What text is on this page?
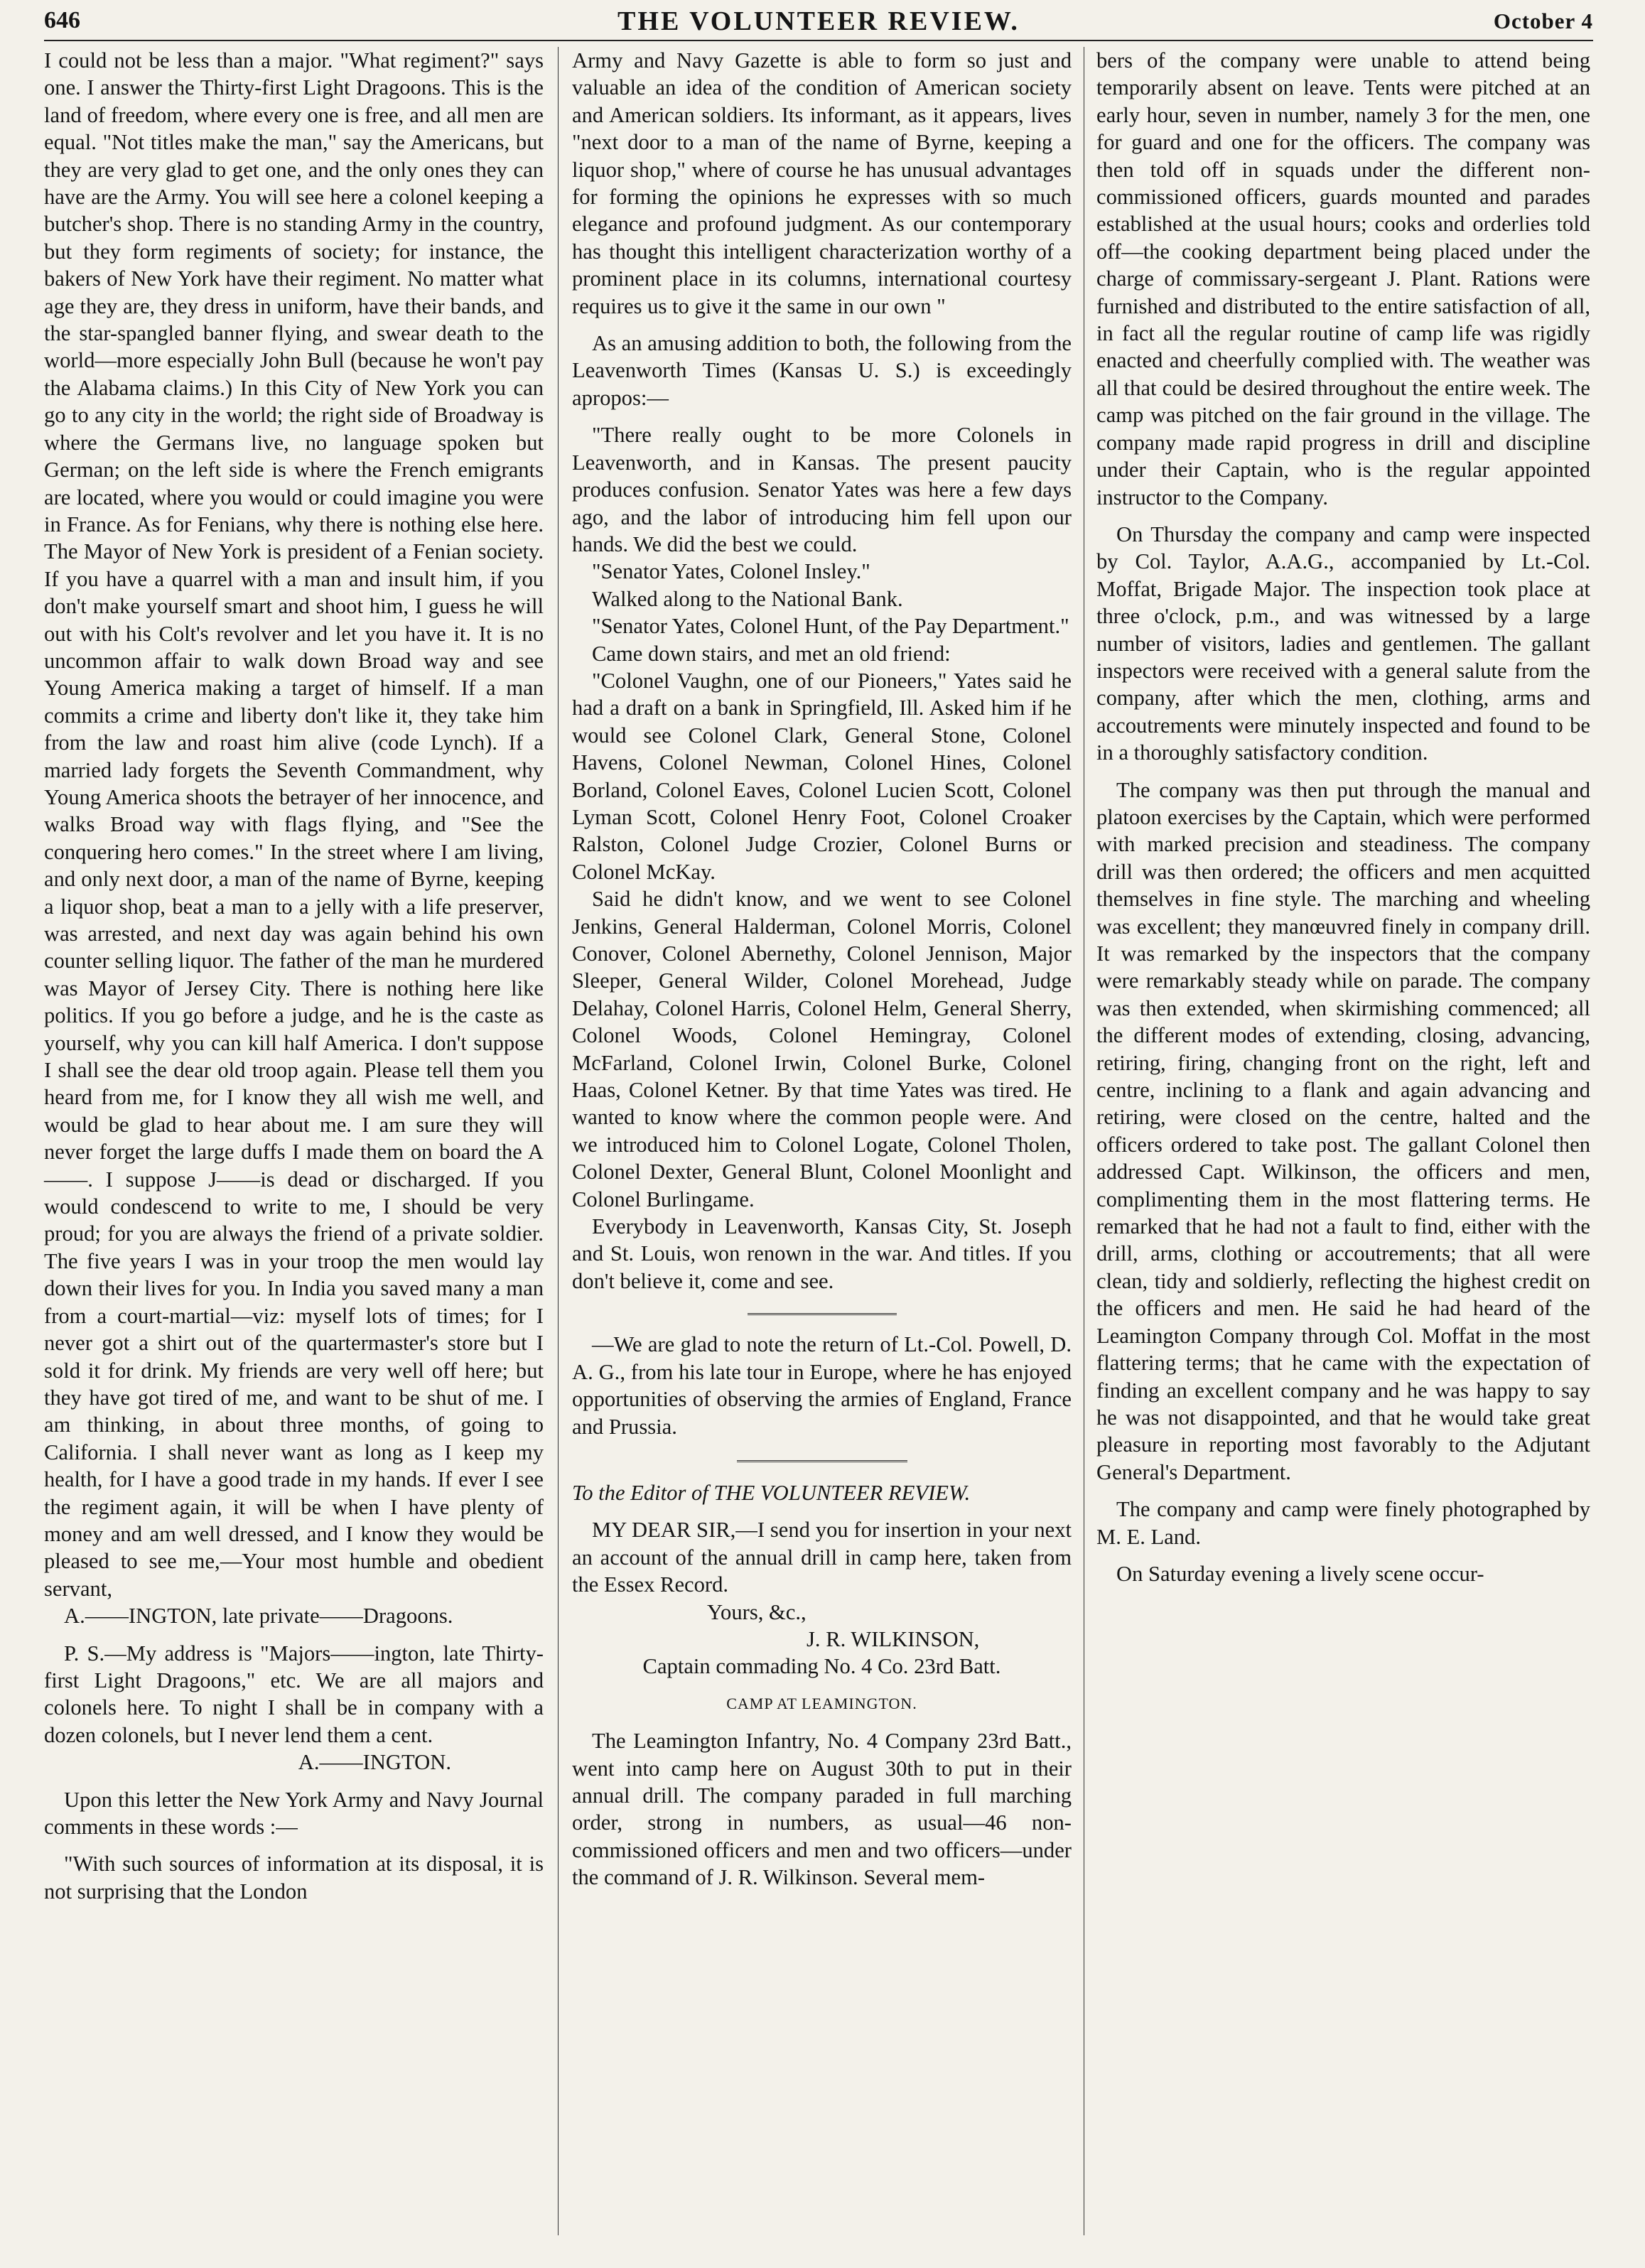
646	THE VOLUNTEER REVIEW.	October 4

I could not be less than a major. "What regiment?" says one. I answer the Thirty-first Light Dragoons. This is the land of freedom, where every one is free, and all men are equal. "Not titles make the man," say the Americans, but they are very glad to get one, and the only ones they can have are the Army. You will see here a colonel keeping a butcher's shop. There is no standing Army in the country, but they form regiments of society; for instance, the bakers of New York have their regiment. No matter what age they are, they dress in uniform, have their bands, and the star-spangled banner flying, and swear death to the world—more especially John Bull (because he won't pay the Alabama claims.) In this City of New York you can go to any city in the world; the right side of Broadway is where the Germans live, no language spoken but German; on the left side is where the French emigrants are located, where you would or could imagine you were in France. As for Fenians, why there is nothing else here. The Mayor of New York is president of a Fenian society. If you have a quarrel with a man and insult him, if you don't make yourself smart and shoot him, I guess he will out with his Colt's revolver and let you have it. It is no uncommon affair to walk down Broad way and see Young America making a target of himself. If a man commits a crime and liberty don't like it, they take him from the law and roast him alive (code Lynch). If a married lady forgets the Seventh Commandment, why Young America shoots the betrayer of her innocence, and walks Broad way with flags flying, and "See the conquering hero comes." In the street where I am living, and only next door, a man of the name of Byrne, keeping a liquor shop, beat a man to a jelly with a life preserver, was arrested, and next day was again behind his own counter selling liquor. The father of the man he murdered was Mayor of Jersey City. There is nothing here like politics. If you go before a judge, and he is the caste as yourself, why you can kill half America. I don't suppose I shall see the dear old troop again. Please tell them you heard from me, for I know they all wish me well, and would be glad to hear about me. I am sure they will never forget the large duffs I made them on board the A——. I suppose J——is dead or discharged. If you would condescend to write to me, I should be very proud; for you are always the friend of a private soldier. The five years I was in your troop the men would lay down their lives for you. In India you saved many a man from a court-martial—viz: myself lots of times; for I never got a shirt out of the quartermaster's store but I sold it for drink. My friends are very well off here; but they have got tired of me, and want to be shut of me. I am thinking, in about three months, of going to California. I shall never want as long as I keep my health, for I have a good trade in my hands. If ever I see the regiment again, it will be when I have plenty of money and am well dressed, and I know they would be pleased to see me,—Your most humble and obedient servant,

A.——INGTON, late private——Dragoons.

P. S.—My address is "Majors——ington, late Thirty-first Light Dragoons," etc. We are all majors and colonels here. To night I shall be in company with a dozen colonels, but I never lend them a cent.

A.——INGTON.

Upon this letter the New York Army and Navy Journal comments in these words :—

"With such sources of information at its disposal, it is not surprising that the London

Army and Navy Gazette is able to form so just and valuable an idea of the condition of American society and American soldiers. Its informant, as it appears, lives "next door to a man of the name of Byrne, keeping a liquor shop," where of course he has unusual advantages for forming the opinions he expresses with so much elegance and profound judgment. As our contemporary has thought this intelligent characterization worthy of a prominent place in its columns, international courtesy requires us to give it the same in our own "

As an amusing addition to both, the following from the Leavenworth Times (Kansas U. S.) is exceedingly apropos:—

"There really ought to be more Colonels in Leavenworth, and in Kansas. The present paucity produces confusion. Senator Yates was here a few days ago, and the labor of introducing him fell upon our hands. We did the best we could.

"Senator Yates, Colonel Insley."

Walked along to the National Bank.

"Senator Yates, Colonel Hunt, of the Pay Department."

Came down stairs, and met an old friend:

"Colonel Vaughn, one of our Pioneers," Yates said he had a draft on a bank in Springfield, Ill. Asked him if he would see Colonel Clark, General Stone, Colonel Havens, Colonel Newman, Colonel Hines, Colonel Borland, Colonel Eaves, Colonel Lucien Scott, Colonel Lyman Scott, Colonel Henry Foot, Colonel Croaker Ralston, Colonel Judge Crozier, Colonel Burns or Colonel McKay.

Said he didn't know, and we went to see Colonel Jenkins, General Halderman, Colonel Morris, Colonel Conover, Colonel Abernethy, Colonel Jennison, Major Sleeper, General Wilder, Colonel Morehead, Judge Delahay, Colonel Harris, Colonel Helm, General Sherry, Colonel Woods, Colonel Hemingray, Colonel McFarland, Colonel Irwin, Colonel Burke, Colonel Haas, Colonel Ketner. By that time Yates was tired. He wanted to know where the common people were. And we introduced him to Colonel Logate, Colonel Tholen, Colonel Dexter, General Blunt, Colonel Moonlight and Colonel Burlingame.

Everybody in Leavenworth, Kansas City, St. Joseph and St. Louis, won renown in the war. And titles. If you don't believe it, come and see.

—We are glad to note the return of Lt.-Col. Powell, D. A. G., from his late tour in Europe, where he has enjoyed opportunities of observing the armies of England, France and Prussia.

To the Editor of THE VOLUNTEER REVIEW.

MY DEAR SIR,—I send you for insertion in your next an account of the annual drill in camp here, taken from the Essex Record.

Yours, &c.,

J. R. WILKINSON,

Captain commading No. 4 Co. 23rd Batt.

CAMP AT LEAMINGTON.

The Leamington Infantry, No. 4 Company 23rd Batt., went into camp here on August 30th to put in their annual drill. The company paraded in full marching order, strong in numbers, as usual—46 non-commissioned officers and men and two officers—under the command of J. R. Wilkinson. Several mem-

bers of the company were unable to attend being temporarily absent on leave. Tents were pitched at an early hour, seven in number, namely 3 for the men, one for guard and one for the officers. The company was then told off in squads under the different non-commissioned officers, guards mounted and parades established at the usual hours; cooks and orderlies told off—the cooking department being placed under the charge of commissary-sergeant J. Plant. Rations were furnished and distributed to the entire satisfaction of all, in fact all the regular routine of camp life was rigidly enacted and cheerfully complied with. The weather was all that could be desired throughout the entire week. The camp was pitched on the fair ground in the village. The company made rapid progress in drill and discipline under their Captain, who is the regular appointed instructor to the Company.

On Thursday the company and camp were inspected by Col. Taylor, A.A.G., accompanied by Lt.-Col. Moffat, Brigade Major. The inspection took place at three o'clock, p.m., and was witnessed by a large number of visitors, ladies and gentlemen. The gallant inspectors were received with a general salute from the company, after which the men, clothing, arms and accoutrements were minutely inspected and found to be in a thoroughly satisfactory condition.

The company was then put through the manual and platoon exercises by the Captain, which were performed with marked precision and steadiness. The company drill was then ordered; the officers and men acquitted themselves in fine style. The marching and wheeling was excellent; they manœuvred finely in company drill. It was remarked by the inspectors that the company were remarkably steady while on parade. The company was then extended, when skirmishing commenced; all the different modes of extending, closing, advancing, retiring, firing, changing front on the right, left and centre, inclining to a flank and again advancing and retiring, were closed on the centre, halted and the officers ordered to take post. The gallant Colonel then addressed Capt. Wilkinson, the officers and men, complimenting them in the most flattering terms. He remarked that he had not a fault to find, either with the drill, arms, clothing or accoutrements; that all were clean, tidy and soldierly, reflecting the highest credit on the officers and men. He said he had heard of the Leamington Company through Col. Moffat in the most flattering terms; that he came with the expectation of finding an excellent company and he was happy to say he was not disappointed, and that he would take great pleasure in reporting most favorably to the Adjutant General's Department.

The company and camp were finely photographed by M. E. Land.

On Saturday evening a lively scene occur-
